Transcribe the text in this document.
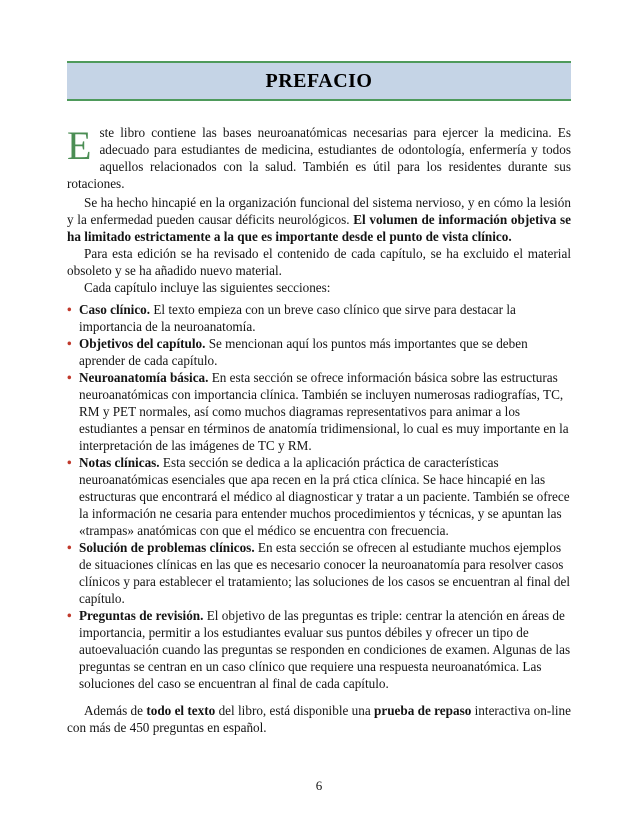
PREFACIO

Este libro contiene las bases neuroanatómicas necesarias para ejercer la medicina. Es adecuado para estudiantes de medicina, estudiantes de odontología, enfermería y todos aquellos relacionados con la salud. También es útil para los residentes durante sus rotaciones.

Se ha hecho hincapié en la organización funcional del sistema nervioso, y en cómo la lesión y la enfermedad pueden causar déficits neurológicos. El volumen de información objetiva se ha limitado estrictamente a la que es importante desde el punto de vista clínico.

Para esta edición se ha revisado el contenido de cada capítulo, se ha excluido el material obsoleto y se ha añadido nuevo material.

Cada capítulo incluye las siguientes secciones:

• Caso clínico. El texto empieza con un breve caso clínico que sirve para destacar la importancia de la neuroanatomía.
• Objetivos del capítulo. Se mencionan aquí los puntos más importantes que se deben aprender de cada capítulo.
• Neuroanatomía básica. En esta sección se ofrece información básica sobre las estructuras neuroanatómicas con importancia clínica. También se incluyen numerosas radiografías, TC, RM y PET normales, así como muchos diagramas representativos para animar a los estudiantes a pensar en términos de anatomía tridimensional, lo cual es muy importante en la interpretación de las imágenes de TC y RM.
• Notas clínicas. Esta sección se dedica a la aplicación práctica de características neuroanatómicas esenciales que apa recen en la prá ctica clínica. Se hace hincapié en las estructuras que encontrará el médico al diagnosticar y tratar a un paciente. También se ofrece la información ne cesaria para entender muchos procedimientos y técnicas, y se apuntan las «trampas» anatómicas con que el médico se encuentra con frecuencia.
• Solución de problemas clínicos. En esta sección se ofrecen al estudiante muchos ejemplos de situaciones clínicas en las que es necesario conocer la neuroanatomía para resolver casos clínicos y para establecer el tratamiento; las soluciones de los casos se encuentran al final del capítulo.
• Preguntas de revisión. El objetivo de las preguntas es triple: centrar la atención en áreas de importancia, permitir a los estudiantes evaluar sus puntos débiles y ofrecer un tipo de autoevaluación cuando las preguntas se responden en condiciones de examen. Algunas de las preguntas se centran en un caso clínico que requiere una respuesta neuroanatómica. Las soluciones del caso se encuentran al final de cada capítulo.

Además de todo el texto del libro, está disponible una prueba de repaso interactiva on-line con más de 450 preguntas en español.

6
